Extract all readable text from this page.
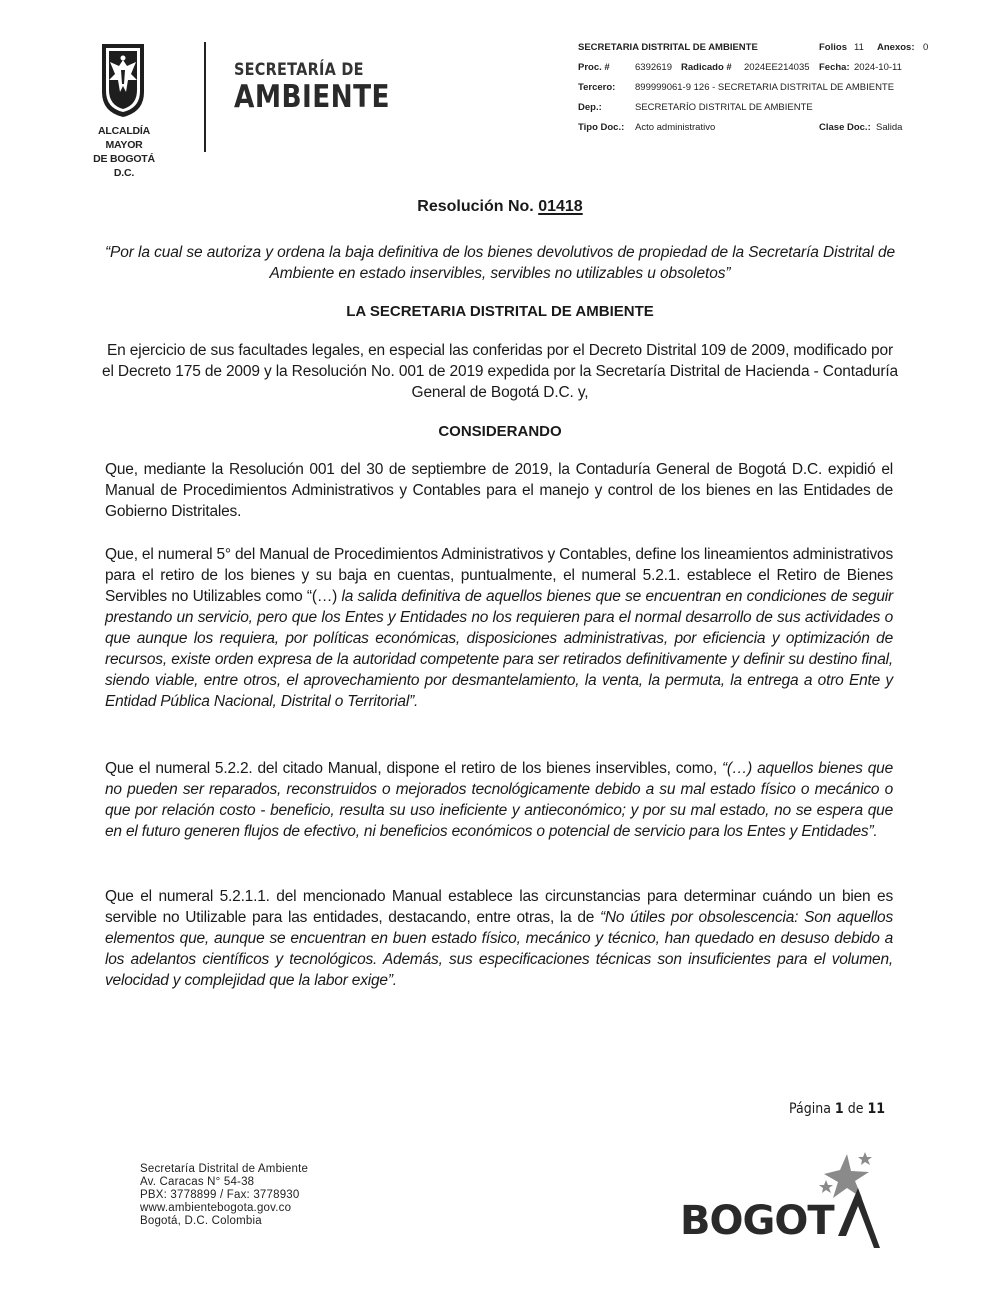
ALCALDÍA MAYOR
DE BOGOTÁ D.C.
SECRETARÍA DE
AMBIENTE
SECRETARIA DISTRITAL DE AMBIENTE	Folios 11 Anexos: 0
Proc. #	6392619 Radicado # 2024EE214035 Fecha: 2024-10-11
Tercero: 899999061-9 126 - SECRETARIA DISTRITAL DE AMBIENTE
Dep.:	SECRETARÍO DISTRITAL DE AMBIENTE
Tipo Doc.: Acto administrativo	Clase Doc.: Salida
Resolución No. 01418
“Por la cual se autoriza y ordena la baja definitiva de los bienes devolutivos de propiedad de la Secretaría Distrital de Ambiente en estado inservibles, servibles no utilizables u obsoletos”
LA SECRETARIA DISTRITAL DE AMBIENTE
En ejercicio de sus facultades legales, en especial las conferidas por el Decreto Distrital 109 de 2009, modificado por el Decreto 175 de 2009 y la Resolución No. 001 de 2019 expedida por la Secretaría Distrital de Hacienda - Contaduría General de Bogotá D.C. y,
CONSIDERANDO
Que, mediante la Resolución 001 del 30 de septiembre de 2019, la Contaduría General de Bogotá D.C. expidió el Manual de Procedimientos Administrativos y Contables para el manejo y control de los bienes en las Entidades de Gobierno Distritales.
Que, el numeral 5° del Manual de Procedimientos Administrativos y Contables, define los lineamientos administrativos para el retiro de los bienes y su baja en cuentas, puntualmente, el numeral 5.2.1. establece el Retiro de Bienes Servibles no Utilizables como “(…) la salida definitiva de aquellos bienes que se encuentran en condiciones de seguir prestando un servicio, pero que los Entes y Entidades no los requieren para el normal desarrollo de sus actividades o que aunque los requiera, por políticas económicas, disposiciones administrativas, por eficiencia y optimización de recursos, existe orden expresa de la autoridad competente para ser retirados definitivamente y definir su destino final, siendo viable, entre otros, el aprovechamiento por desmantelamiento, la venta, la permuta, la entrega a otro Ente y Entidad Pública Nacional, Distrital o Territorial”.
Que el numeral 5.2.2. del citado Manual, dispone el retiro de los bienes inservibles, como, “(…) aquellos bienes que no pueden ser reparados, reconstruidos o mejorados tecnológicamente debido a su mal estado físico o mecánico o que por relación costo - beneficio, resulta su uso ineficiente y antieconómico; y por su mal estado, no se espera que en el futuro generen flujos de efectivo, ni beneficios económicos o potencial de servicio para los Entes y Entidades”.
Que el numeral 5.2.1.1. del mencionado Manual establece las circunstancias para determinar cuándo un bien es servible no Utilizable para las entidades, destacando, entre otras, la de “No útiles por obsolescencia: Son aquellos elementos que, aunque se encuentran en buen estado físico, mecánico y técnico, han quedado en desuso debido a los adelantos científicos y tecnológicos. Además, sus especificaciones técnicas son insuficientes para el volumen, velocidad y complejidad que la labor exige”.
Página 1 de 11
Secretaría Distrital de Ambiente
Av. Caracas N° 54-38
PBX: 3778899 / Fax: 3778930
www.ambientebogota.gov.co
Bogotá, D.C. Colombia	BOGOT
